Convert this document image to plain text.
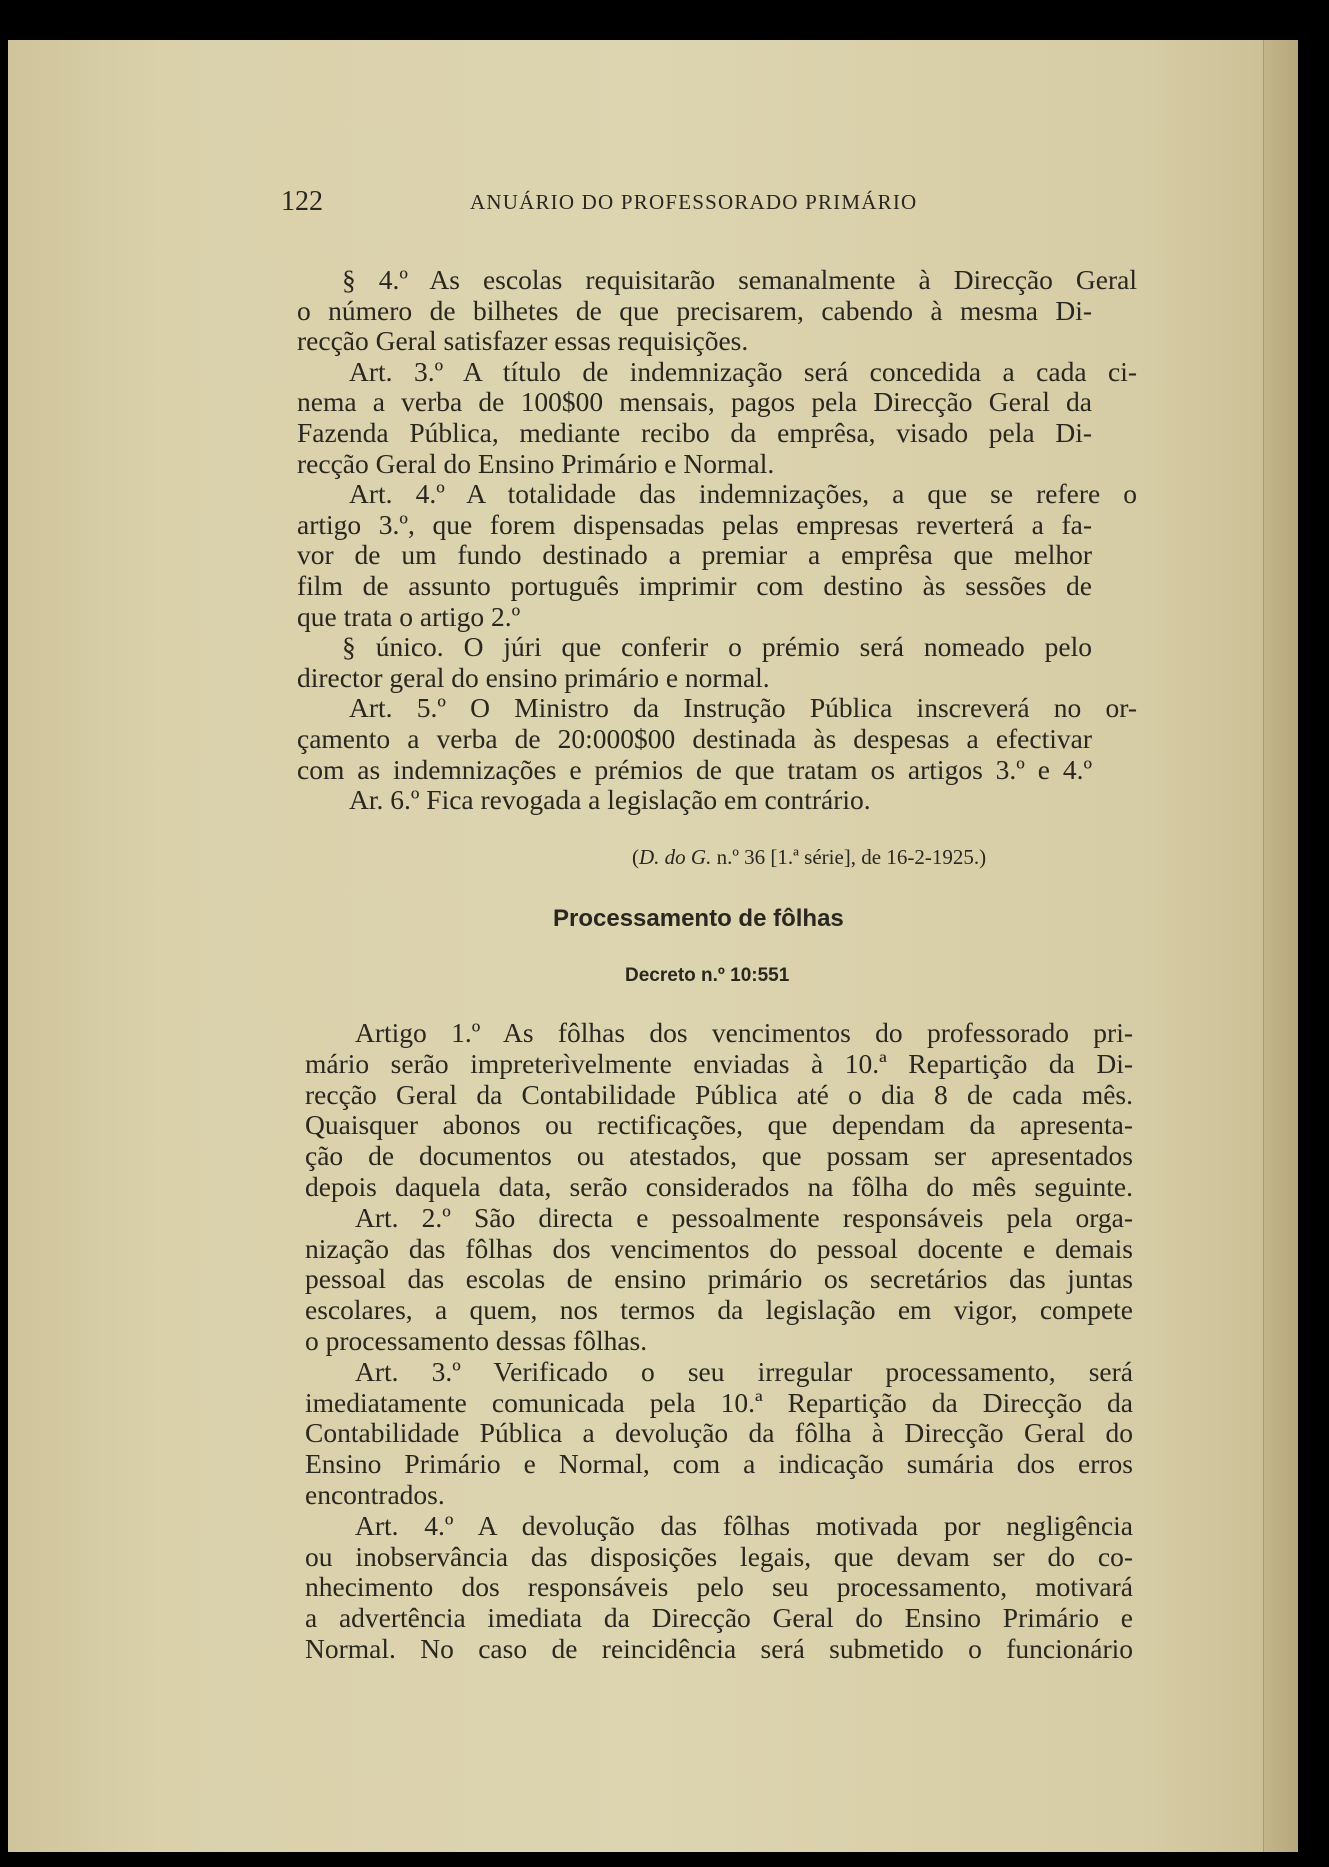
122	ANUÁRIO DO PROFESSORADO PRIMÁRIO
§ 4.º As escolas requisitarão semanalmente à Direcção Geral
o número de bilhetes de que precisarem, cabendo à mesma Di-
recção Geral satisfazer essas requisições.
Art. 3.º A título de indemnização será concedida a cada ci-
nema a verba de 100$00 mensais, pagos pela Direcção Geral da
Fazenda Pública, mediante recibo da emprêsa, visado pela Di-
recção Geral do Ensino Primário e Normal.
Art. 4.º A totalidade das indemnizações, a que se refere o
artigo 3.º, que forem dispensadas pelas empresas reverterá a fa-
vor de um fundo destinado a premiar a emprêsa que melhor
film de assunto português imprimir com destino às sessões de
que trata o artigo 2.º
§ único. O júri que conferir o prémio será nomeado pelo
director geral do ensino primário e normal.
Art. 5.º O Ministro da Instrução Pública inscreverá no or-
çamento a verba de 20:000$00 destinada às despesas a efectivar
com as indemnizações e prémios de que tratam os artigos 3.º e 4.º
Ar. 6.º Fica revogada a legislação em contrário.
(D. do G. n.º 36 [1.ª série], de 16-2-1925.)
Processamento de fôlhas
Decreto n.º 10:551
Artigo 1.º As fôlhas dos vencimentos do professorado pri-
mário serão impreterìvelmente enviadas à 10.ª Repartição da Di-
recção Geral da Contabilidade Pública até o dia 8 de cada mês.
Quaisquer abonos ou rectificações, que dependam da apresenta-
ção de documentos ou atestados, que possam ser apresentados
depois daquela data, serão considerados na fôlha do mês seguinte.
Art. 2.º São directa e pessoalmente responsáveis pela orga-
nização das fôlhas dos vencimentos do pessoal docente e demais
pessoal das escolas de ensino primário os secretários das juntas
escolares, a quem, nos termos da legislação em vigor, compete
o processamento dessas fôlhas.
Art. 3.º Verificado o seu irregular processamento, será
imediatamente comunicada pela 10.ª Repartição da Direcção da
Contabilidade Pública a devolução da fôlha à Direcção Geral do
Ensino Primário e Normal, com a indicação sumária dos erros
encontrados.
Art. 4.º A devolução das fôlhas motivada por negligência
ou inobservância das disposições legais, que devam ser do co-
nhecimento dos responsáveis pelo seu processamento, motivará
a advertência imediata da Direcção Geral do Ensino Primário e
Normal. No caso de reincidência será submetido o funcionário
